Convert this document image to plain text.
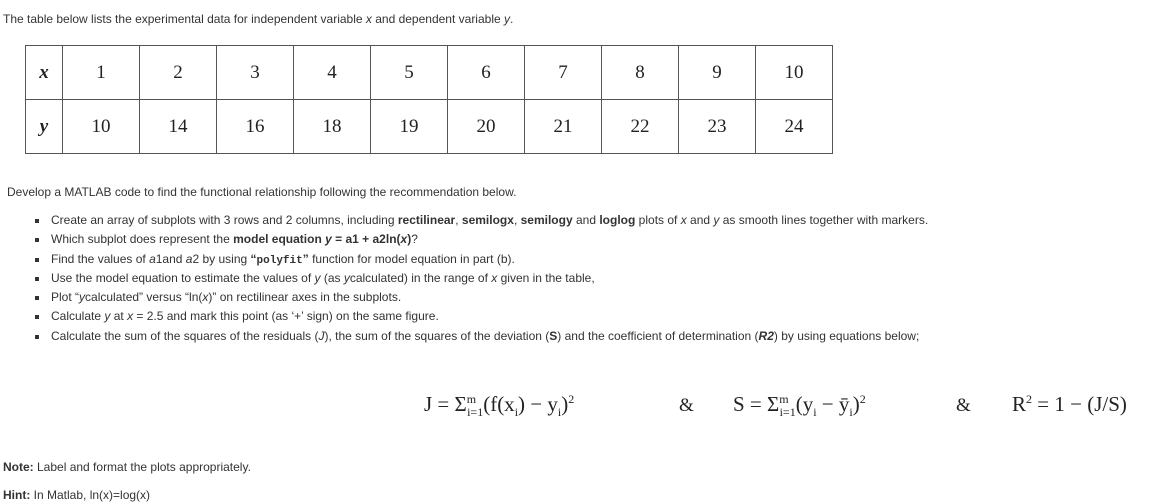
The table below lists the experimental data for independent variable x and dependent variable y.
x	1	2	3	4	5	6	7	8	9	10
y	10	14	16	18	19	20	21	22	23	24
Develop a MATLAB code to find the functional relationship following the recommendation below.
Create an array of subplots with 3 rows and 2 columns, including rectilinear, semilogx, semilogy and loglog plots of x and y as smooth lines together with markers.
Which subplot does represent the model equation y = a1 + a2ln(x)?
Find the values of a1and a2 by using “polyfit” function for model equation in part (b).
Use the model equation to estimate the values of y (as ycalculated) in the range of x given in the table,
Plot “ycalculated” versus “ln(x)” on rectilinear axes in the subplots.
Calculate y at x = 2.5 and mark this point (as ‘+’ sign) on the same figure.
Calculate the sum of the squares of the residuals (J), the sum of the squares of the deviation (S) and the coefficient of determination (R2) by using equations below;
$J = \Sigma^m_{i=1}(f(x_i) - y_i)^2$	& $S = \Sigma^m_{i=1}(y_i$ − $ȳ_i)^2$	& $R^2 = 1 - (J/S)$
Note: Label and format the plots appropriately.
Hint: In Matlab, ln(x)=log(x)
